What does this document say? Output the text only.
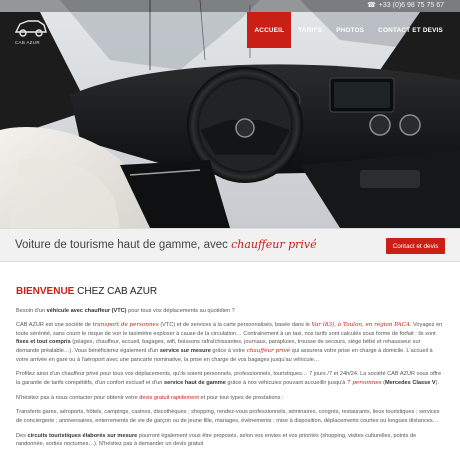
☎ +33 (0)6 98 75 75 67
CAB AZUR
ACCUEIL	TARIFS	PHOTOS	CONTACT ET DEVIS
Voiture de tourisme haut de gamme, avec chauffeur privé	Contact et devis
BIENVENUE CHEZ CAB AZUR

Besoin d'un véhicule avec chauffeur (VTC) pour tous vos déplacements au quotidien ?

CAB AZUR est une société de transport de personnes (VTC) et de services à la carte personnalisés, basée dans le Var (83), à Toulon, en région PACA. Voyagez en toute sérénité, sans courir le risque de voir le taximètre exploser à cause de la circulation… Contrairement à un taxi, nos tarifs sont calculés sous forme de forfait : ils sont fixes et tout compris (péages, chauffeur, accueil, bagages, wifi, boissons rafraîchissantes, journaux, parapluies, trousse de secours, siège bébé et rehausseur sur demande préalable…). Vous bénéficierez également d'un service sur mesure grâce à votre chauffeur privé qui assurera votre prise en charge à domicile. L'accueil à votre arrivée en gare ou à l'aéroport avec une pancarte nominative, la prise en charge de vos bagages jusqu'au véhicule…

Profitez ainsi d'un chauffeur privé pour tous vos déplacements, qu'ils soient personnels, professionnels, touristiques… 7 jours /7 et 24h/24. La société CAB AZUR vous offre la garantie de tarifs compétitifs, d'un confort exclusif et d'un service haut de gamme grâce à nos véhicules pouvant accueillir jusqu'à 7 personnes (Mercedes Classe V).

N'hésitez pas à nous contacter pour obtenir votre devis gratuit rapidement et pour tout types de prestations :

Transferts gares, aéroports, hôtels, campings, casinos, discothèques ; shopping, rendez-vous professionnels, séminaires, congrès, restaurants, lieux touristiques ; services de conciergerie ; anniversaires, enterrements de vie de garçon ou de jeune fille, mariages, événements ; mise à disposition, déplacements courtes ou longues distances…

Des circuits touristiques élaborés sur mesure pourront également vous être proposés, selon vos envies et vos priorités (shopping, visites culturelles, points de randonnée, sorties nocturnes…). N'hésitez pas à demander un devis gratuit
